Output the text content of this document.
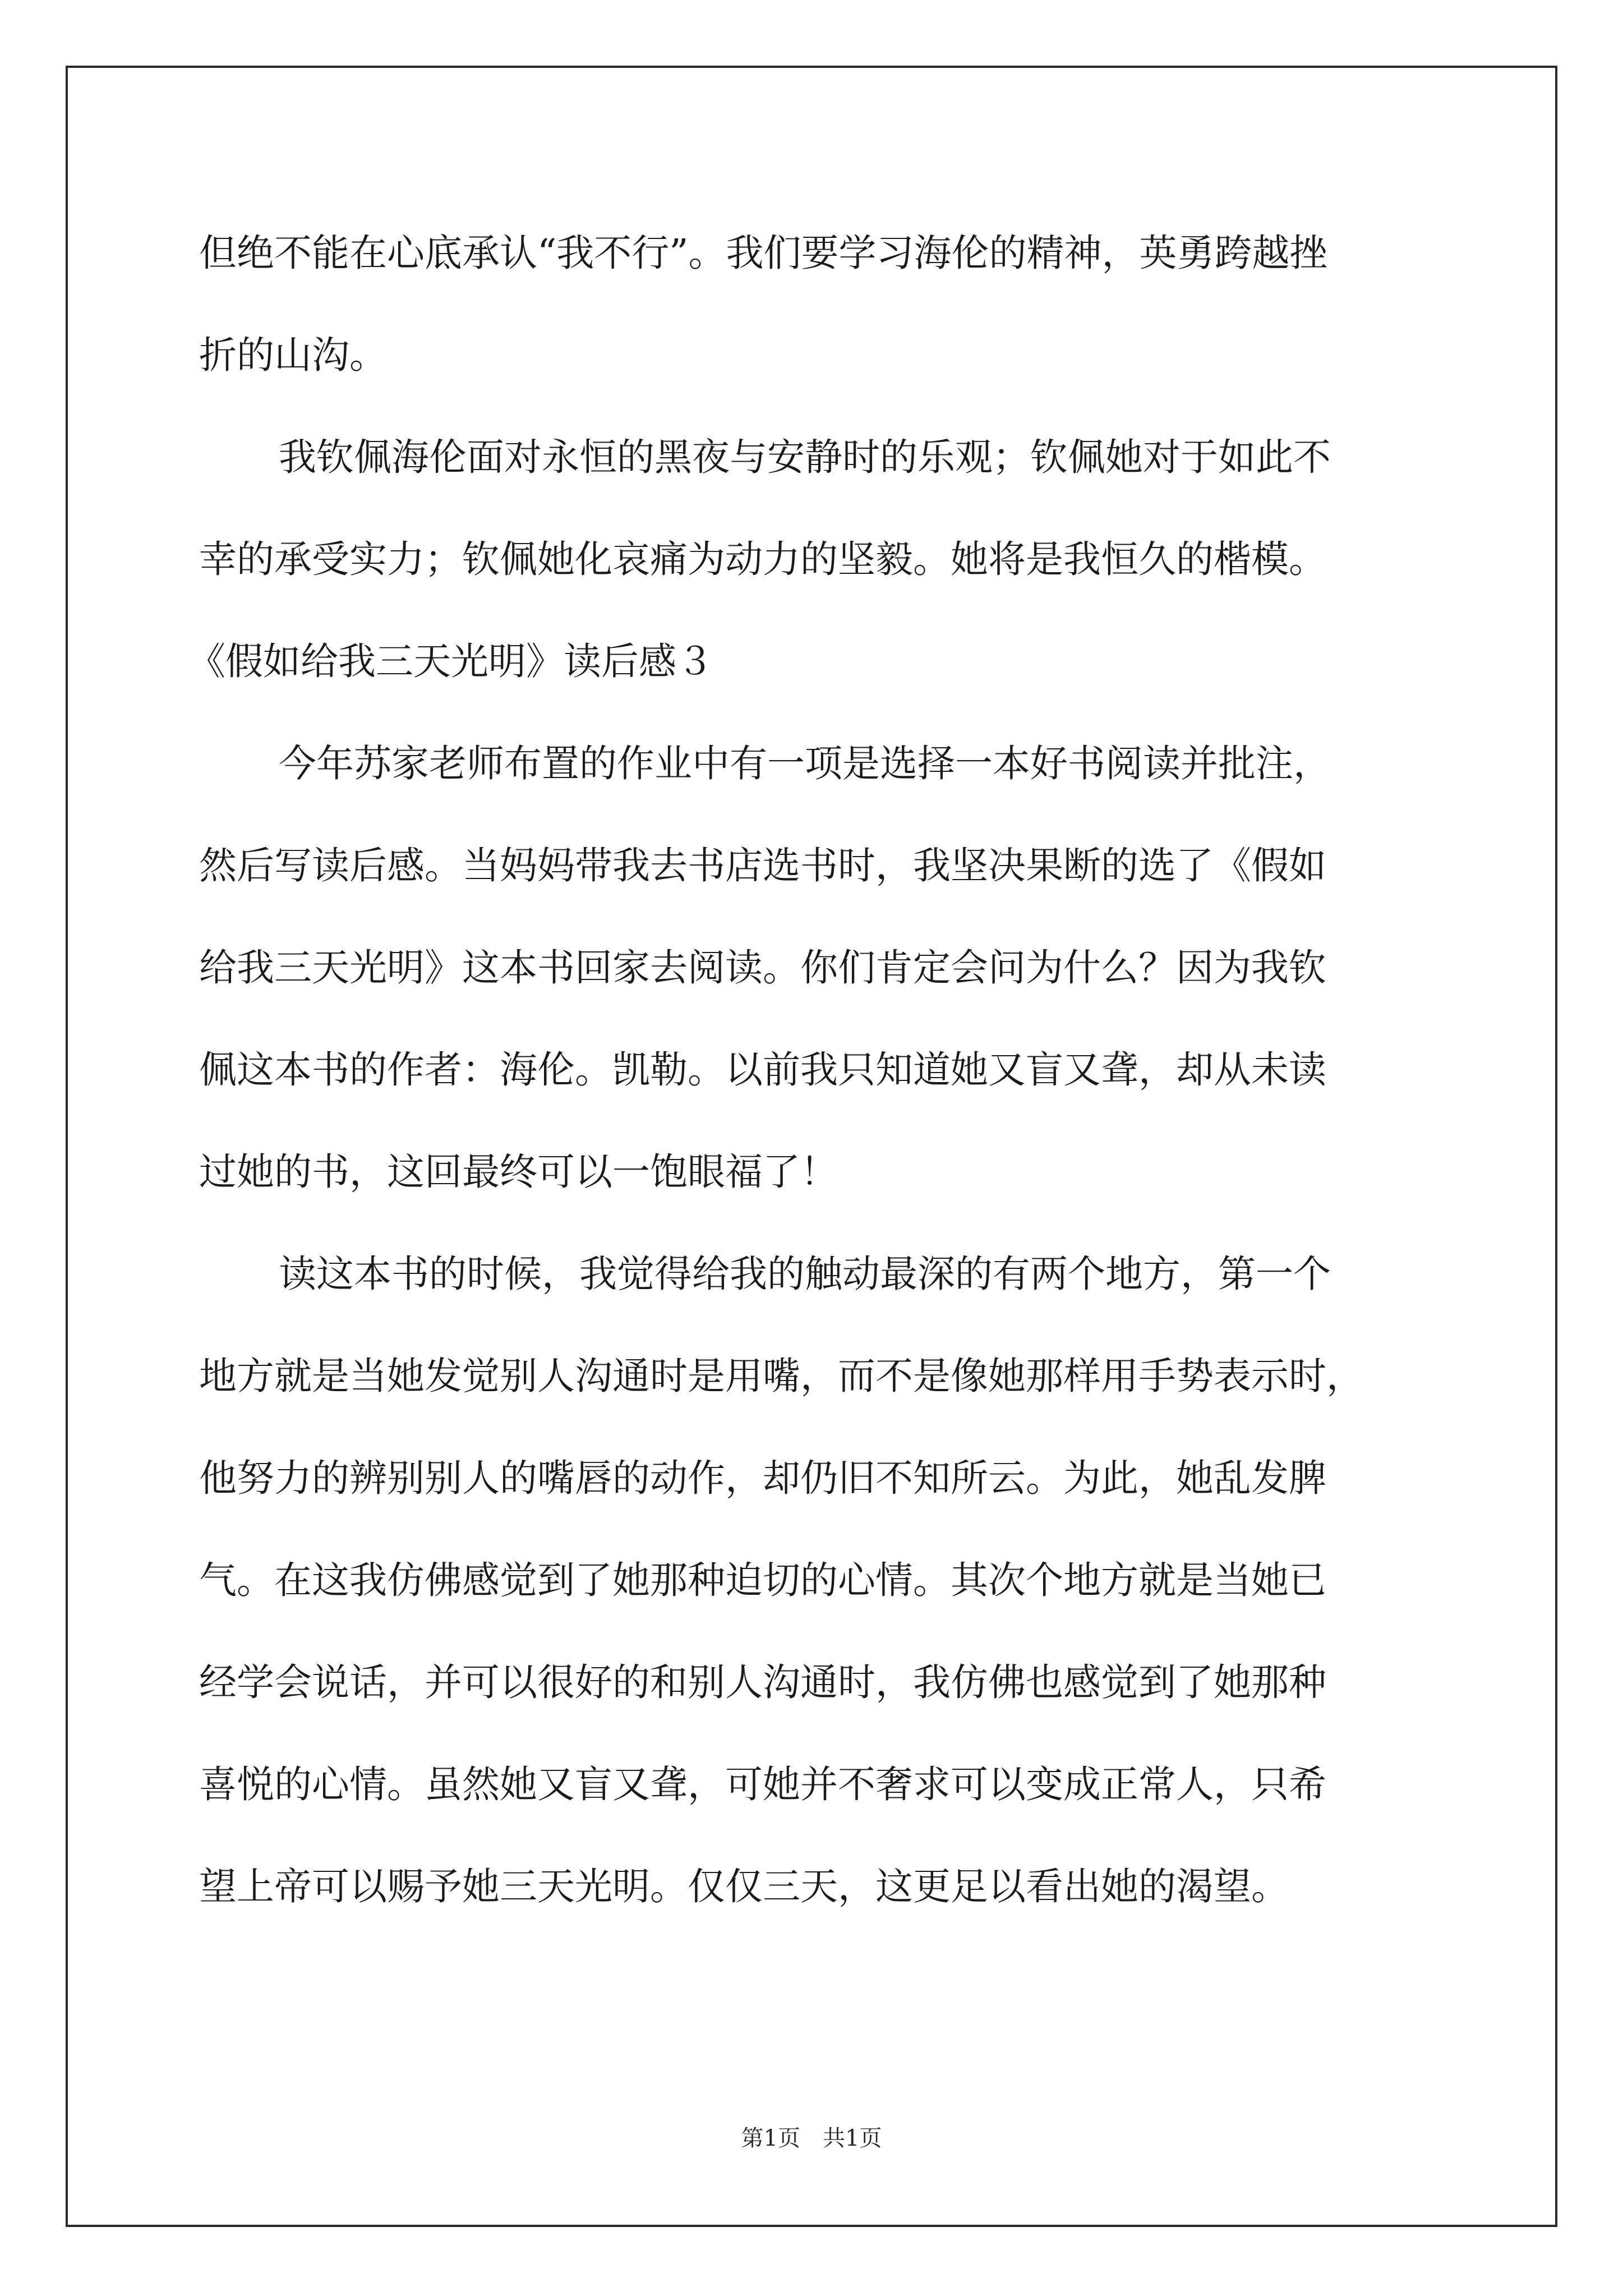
但绝不能在心底承认“我不行”。我们要学习海伦的精神，英勇跨越挫
折的山沟。
我钦佩海伦面对永恒的黑夜与安静时的乐观；钦佩她对于如此不
幸的承受实力；钦佩她化哀痛为动力的坚毅。她将是我恒久的楷模。
《假如给我三天光明》读后感３
今年苏家老师布置的作业中有一项是选择一本好书阅读并批注，
然后写读后感。当妈妈带我去书店选书时，我坚决果断的选了《假如
给我三天光明》这本书回家去阅读。你们肯定会问为什么？因为我钦
佩这本书的作者：海伦。凯勒。以前我只知道她又盲又聋，却从未读
过她的书，这回最终可以一饱眼福了！
读这本书的时候，我觉得给我的触动最深的有两个地方，第一个
地方就是当她发觉别人沟通时是用嘴，而不是像她那样用手势表示时，
他努力的辨别别人的嘴唇的动作，却仍旧不知所云。为此，她乱发脾
气。在这我仿佛感觉到了她那种迫切的心情。其次个地方就是当她已
经学会说话，并可以很好的和别人沟通时，我仿佛也感觉到了她那种
喜悦的心情。虽然她又盲又聋，可她并不奢求可以变成正常人，只希
望上帝可以赐予她三天光明。仅仅三天，这更足以看出她的渴望。
第1页 共1页
